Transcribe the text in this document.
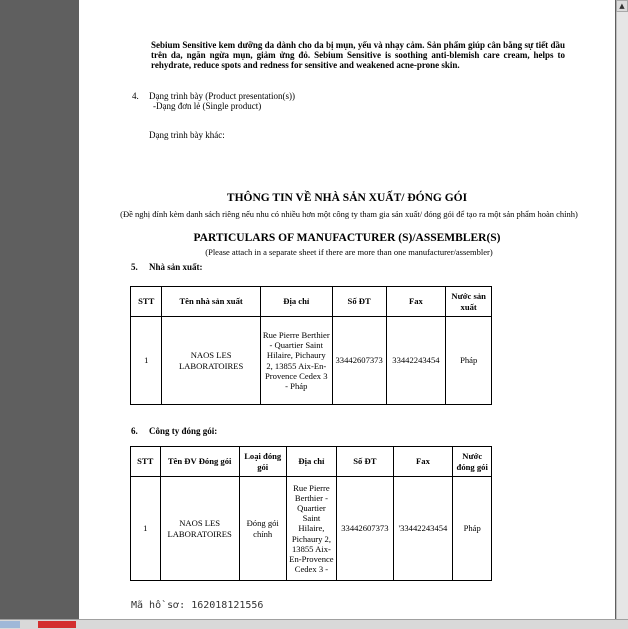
Sebium Sensitive kem dưỡng da dành cho da bị mụn, yếu và nhạy cảm. Sản phẩm giúp cân bằng sự tiết dầu trên da, ngăn ngừa mụn, giảm ửng đỏ. Sebium Sensitive is soothing anti-blemish care cream, helps to rehydrate, reduce spots and redness for sensitive and weakened acne-prone skin.
4. Dạng trình bày (Product presentation(s))
-Dạng đơn lẻ (Single product)
Dạng trình bày khác:
THÔNG TIN VỀ NHÀ SẢN XUẤT/ ĐÓNG GÓI
(Đề nghị đính kèm danh sách riêng nếu nhu có nhiều hơn một công ty tham gia sản xuất/ đóng gói để tạo ra một sản phẩm hoàn chỉnh)
PARTICULARS OF MANUFACTURER (S)/ASSEMBLER(S)
(Please attach in a separate sheet if there are more than one manufacturer/assembler)
5. Nhà sản xuất:
STT	Tên nhà sản xuất	Địa chỉ	Số ĐT	Fax	Nước sản xuất
1	NAOS LES LABORATOIRES	Rue Pierre Berthier - Quartier Saint Hilaire, Pichaury 2, 13855 Aix-En-Provence Cedex 3 - Pháp	33442607373	33442243454	Pháp
6. Công ty đóng gói:
STT	Tên ĐV Đóng gói	Loại đóng gói	Địa chỉ	Số ĐT	Fax	Nước đóng gói
1	NAOS LES LABORATOIRES	Đóng gói chính	Rue Pierre Berthier - Quartier Saint Hilaire, Pichaury 2, 13855 Aix-En-Provence Cedex 3 -	33442607373	'33442243454	Pháp
Mã hồ sơ: 162018121556
▲
